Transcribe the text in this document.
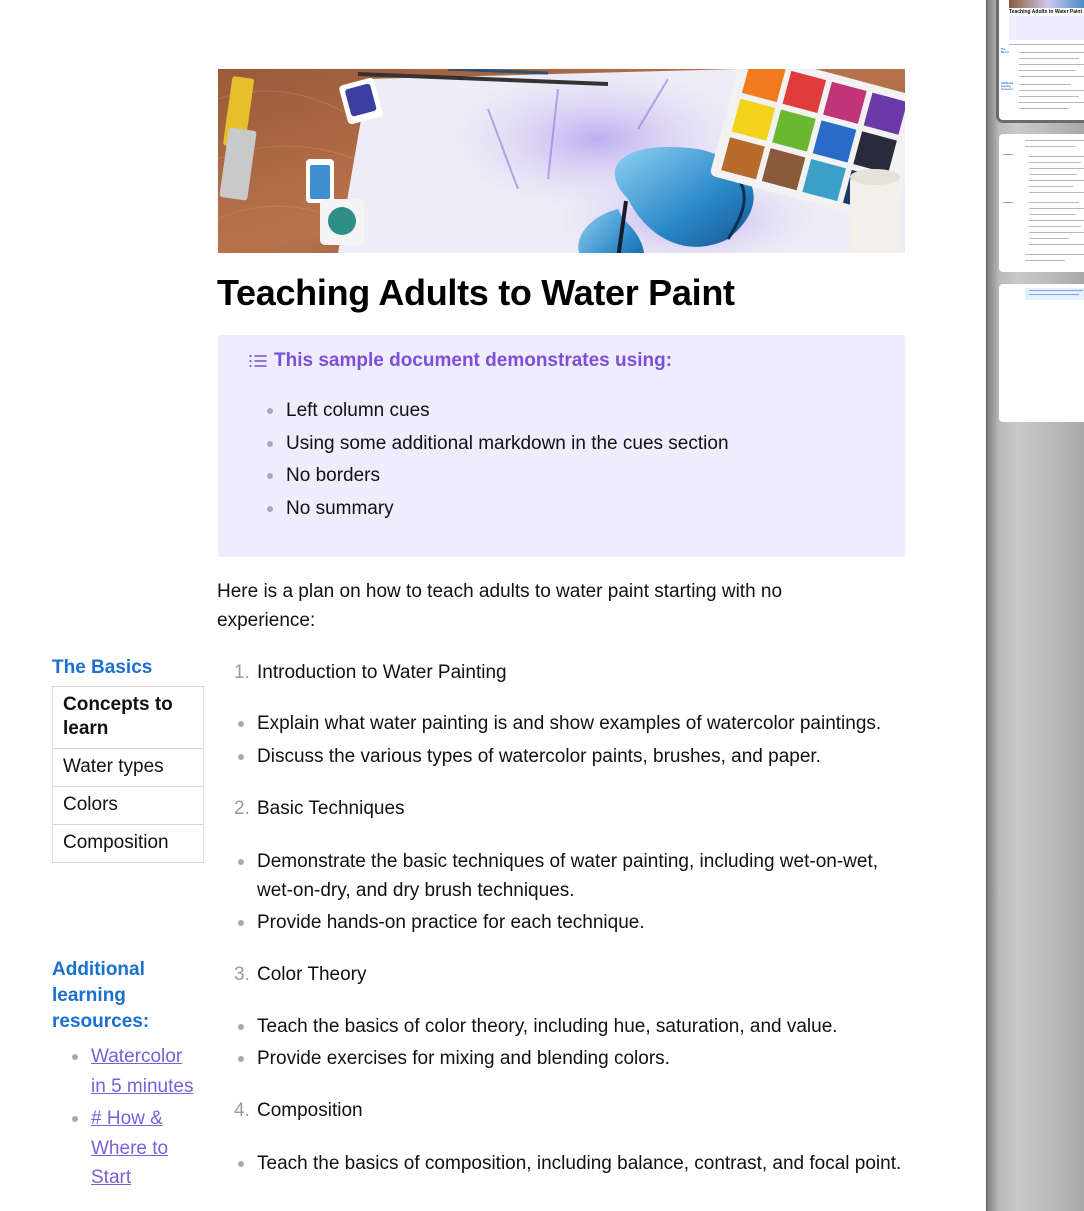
Teaching Adults to Water Paint
This sample document demonstrates using:
Left column cues
Using some additional markdown in the cues section
No borders
No summary

Here is a plan on how to teach adults to water paint starting with no experience:

1. Introduction to Water Painting
Explain what water painting is and show examples of watercolor paintings.
Discuss the various types of watercolor paints, brushes, and paper.
2. Basic Techniques
Demonstrate the basic techniques of water painting, including wet-on-wet, wet-on-dry, and dry brush techniques.
Provide hands-on practice for each technique.
3. Color Theory
Teach the basics of color theory, including hue, saturation, and value.
Provide exercises for mixing and blending colors.
4. Composition
Teach the basics of composition, including balance, contrast, and focal point.
The Basics
Concepts to learn
Water types
Colors
Composition
Additional learning resources:
Watercolor in 5 minutes
# How & Where to Start
Teaching Adults to Water Paint
The Basics
Additional learning resources:
